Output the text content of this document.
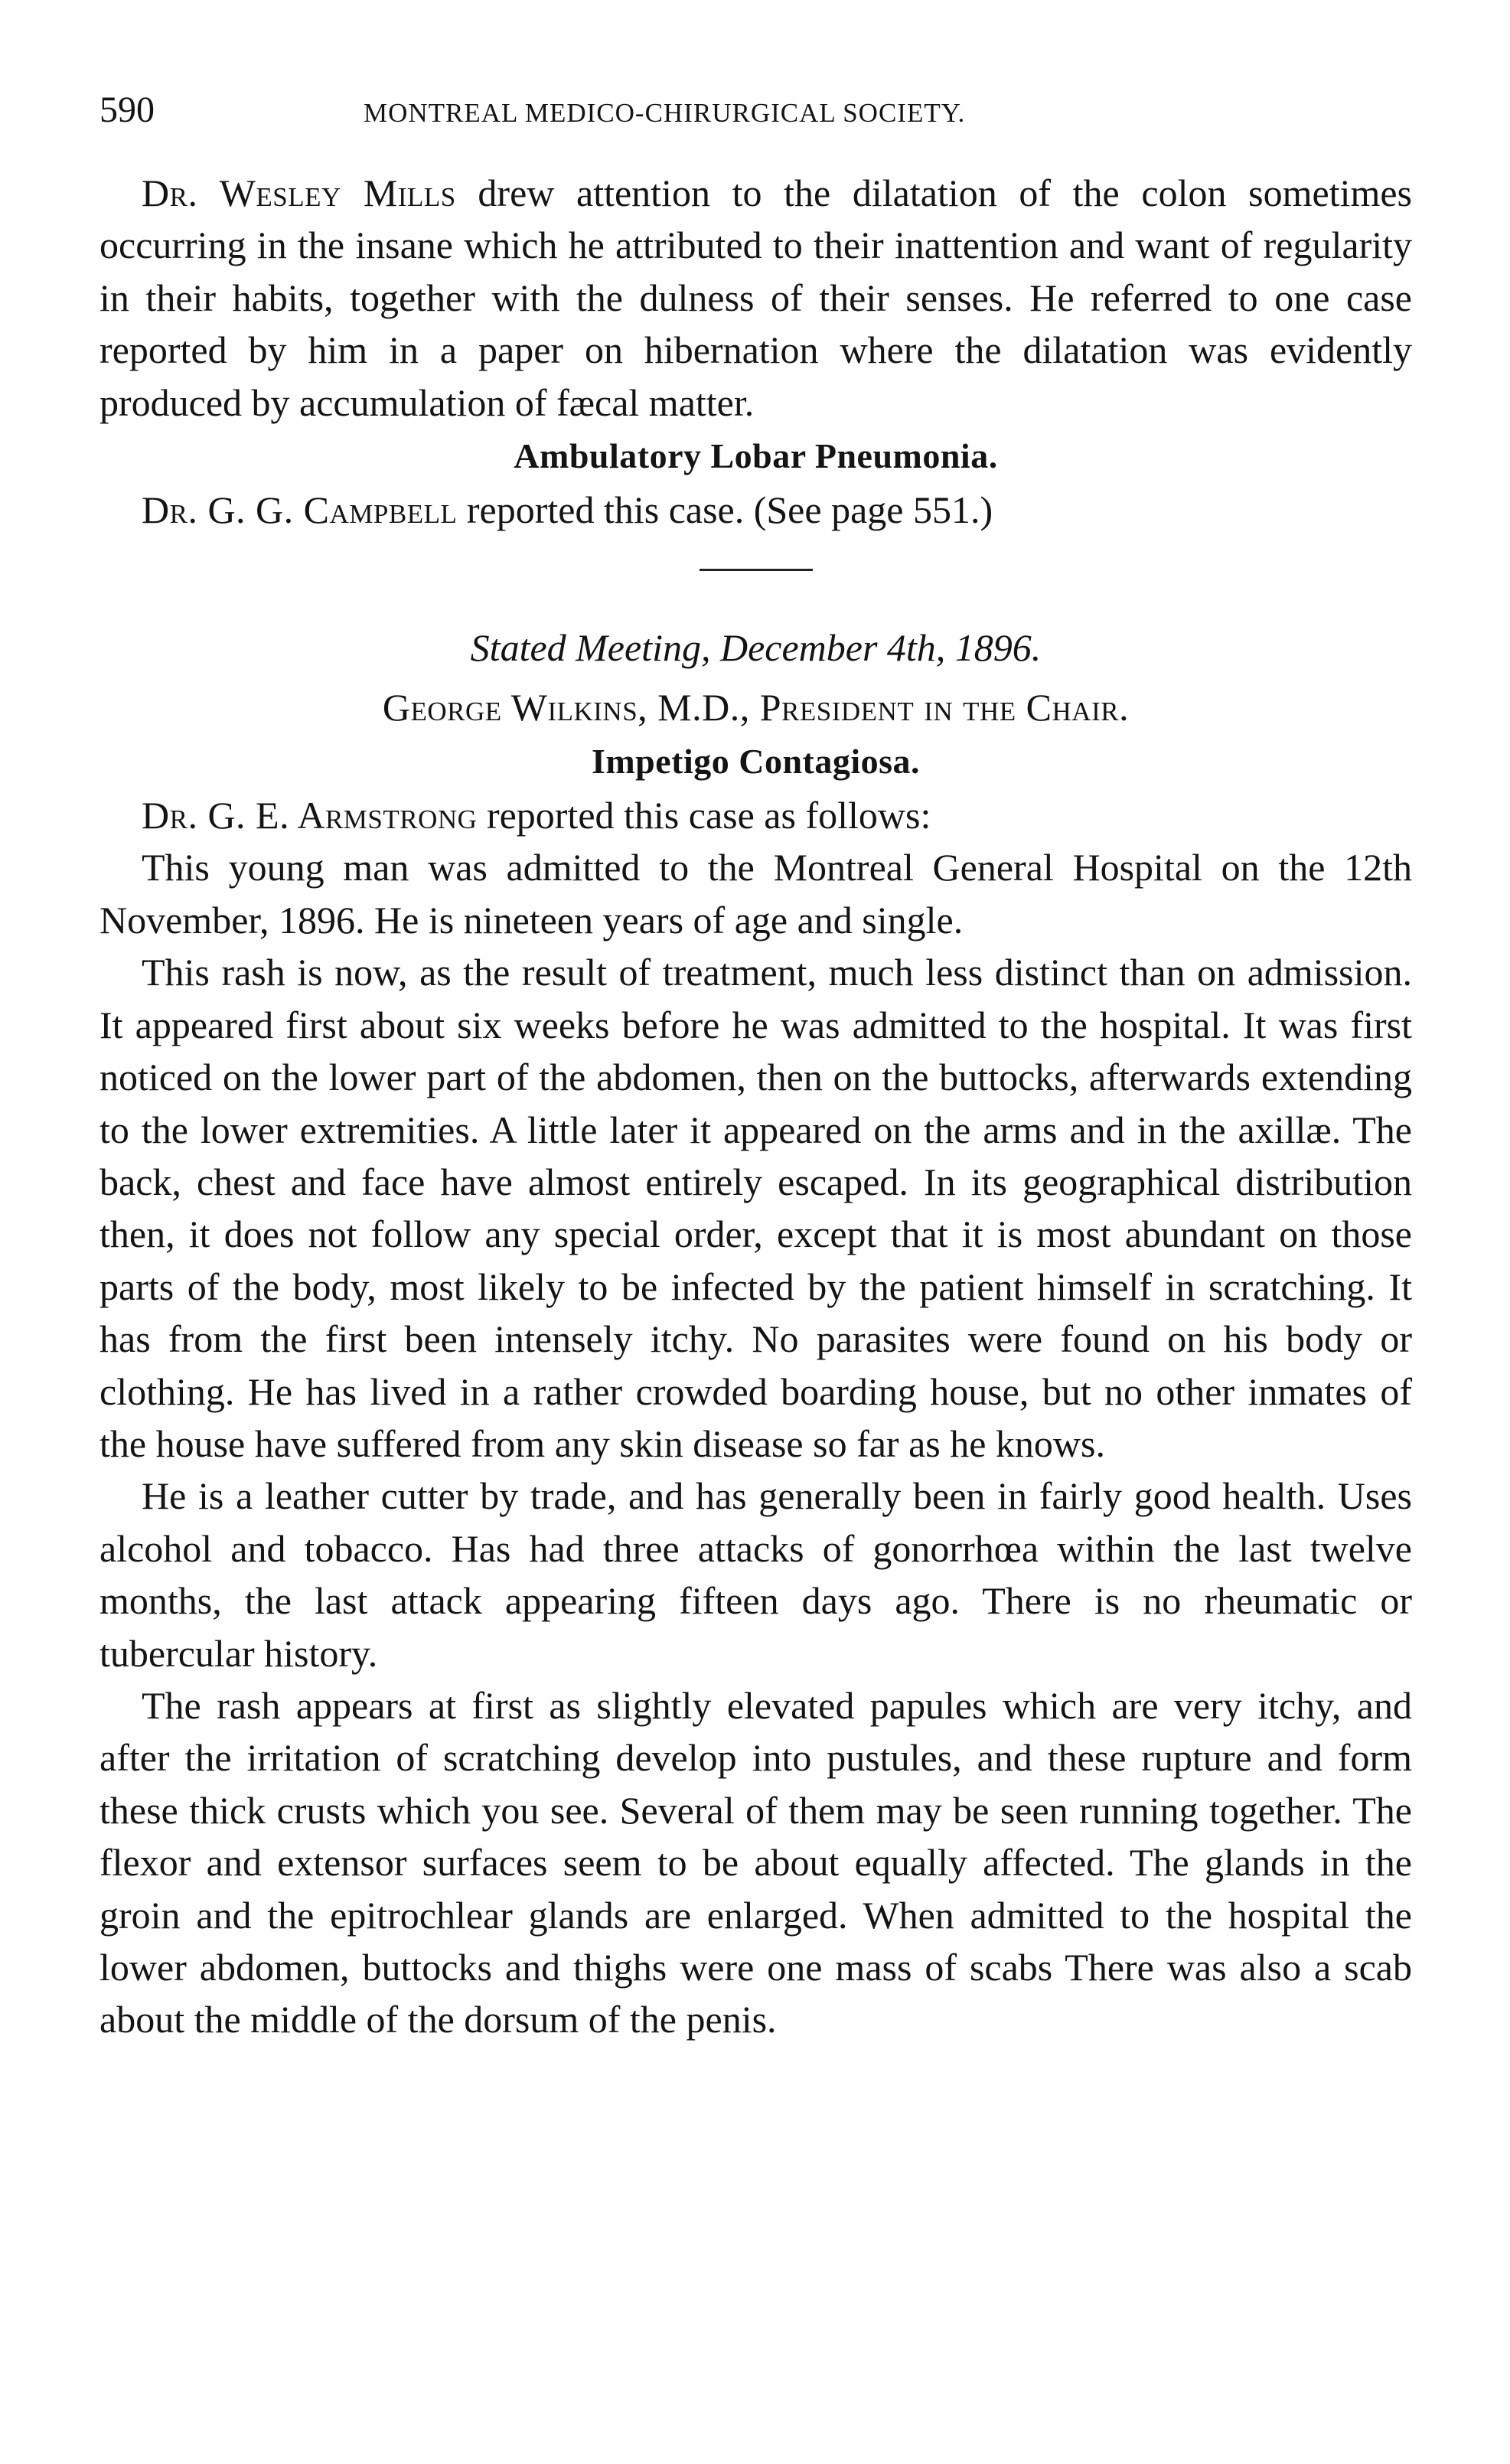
590	MONTREAL MEDICO-CHIRURGICAL SOCIETY.

Dr. Wesley Mills drew attention to the dilatation of the colon sometimes occurring in the insane which he attributed to their inattention and want of regularity in their habits, together with the dulness of their senses. He referred to one case reported by him in a paper on hibernation where the dilatation was evidently produced by accumulation of fæcal matter.

Ambulatory Lobar Pneumonia.

Dr. G. G. Campbell reported this case. (See page 551.)

Stated Meeting, December 4th, 1896.
George Wilkins, M.D., President in the Chair.
Impetigo Contagiosa.

Dr. G. E. Armstrong reported this case as follows:

This young man was admitted to the Montreal General Hospital on the 12th November, 1896. He is nineteen years of age and single.

This rash is now, as the result of treatment, much less distinct than on admission. It appeared first about six weeks before he was admitted to the hospital. It was first noticed on the lower part of the abdomen, then on the buttocks, afterwards extending to the lower extremities. A little later it appeared on the arms and in the axillæ. The back, chest and face have almost entirely escaped. In its geographical distribution then, it does not follow any special order, except that it is most abundant on those parts of the body, most likely to be infected by the patient himself in scratching. It has from the first been intensely itchy. No parasites were found on his body or clothing. He has lived in a rather crowded boarding house, but no other inmates of the house have suffered from any skin disease so far as he knows.

He is a leather cutter by trade, and has generally been in fairly good health. Uses alcohol and tobacco. Has had three attacks of gonorrhœa within the last twelve months, the last attack appearing fifteen days ago. There is no rheumatic or tubercular history.

The rash appears at first as slightly elevated papules which are very itchy, and after the irritation of scratching develop into pustules, and these rupture and form these thick crusts which you see. Several of them may be seen running together. The flexor and extensor surfaces seem to be about equally affected. The glands in the groin and the epitrochlear glands are enlarged. When admitted to the hospital the lower abdomen, buttocks and thighs were one mass of scabs There was also a scab about the middle of the dorsum of the penis.
